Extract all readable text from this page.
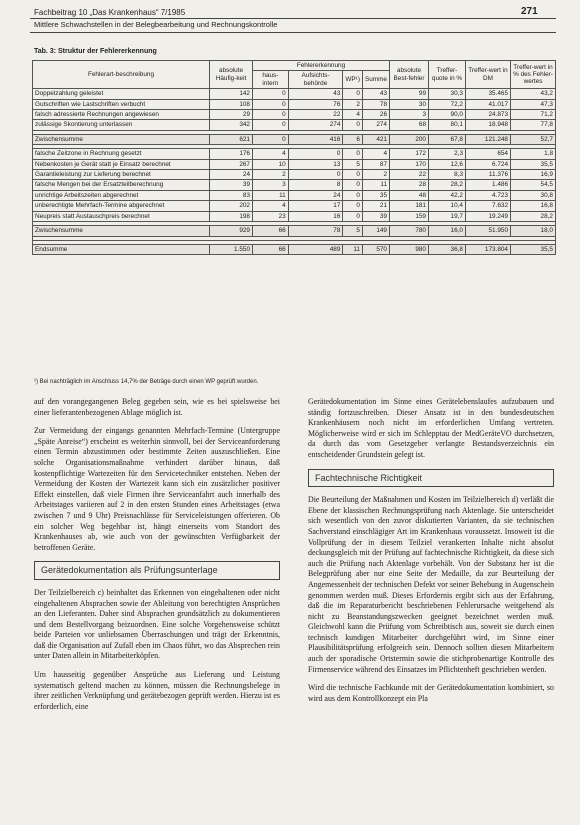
Fachbeitrag 10 „Das Krankenhaus“ 7/1985	271
Mittlere Schwachstellen in der Belegbearbeitung und Rechnungskontrolle
Tab. 3: Struktur der Fehlererkennung
Fehlerart-beschreibung	absolute Häufig-keit	Fehlererkennung				absolute Best-fehler	Treffer-quote in %	Treffer-wert in DM	Treffer-wert in % des Fehler-wertes
		haus-intern	Aufsichts-behörde	WP¹)	Summe				
Doppelzahlung geleistet	142	0	43	0	43	99	30,3	35.465	43,2
Gutschriften wie Lastschriften verbucht	108	0	76	2	78	30	72,2	41.017	47,3
falsch adressierte Rechnungen angewiesen	29	0	22	4	26	3	90,0	24.873	71,2
zulässige Skontierung unterlassen	342	0	274	0	274	68	80,1	18.948	77,8

Zwischensumme	621	0	416	6	421	200	67,8	121.248	52,7

falsche Zeitzone in Rechnung gesetzt	176	4	0	0	4	172	2,3	654	1,8
Nebenkosten je Gerät statt je Einsatz berechnet	267	10	13	5	87	170	12,6	6.724	35,5
Garantieleistung zur Lieferung berechnet	24	2	0	0	2	22	8,3	11.376	16,9
falsche Mengen bei der Ersatzteilberechnung	39	3	8	0	11	28	28,2	1.486	54,5
unrichtige Arbeitszeiten abgerechnet	83	11	24	0	35	48	42,2	4.723	30,8
unberechtigte Mehrfach-Termine abgerechnet	202	4	17	0	21	181	10,4	7.632	16,8
Neupreis statt Austauschpreis berechnet	198	23	16	0	39	159	19,7	19.249	28,2

Zwischensumme	929	66	78	5	149	780	16,0	51.950	18,0

Endsumme	1.550	66	489	11	570	980	36,8	173.804	35,5
¹) Bei nachträglich im Anschluss 14,7% der Beträge durch einen WP geprüft wurden.

auf den vorangegangenen Beleg gegeben sein, wie es bei spielsweise bei einer lieferantenbezogenen Ablage möglich ist.

Zur Vermeidung der eingangs genannten Mehrfach-Termine (Untergruppe „Späte Anreise“) erscheint es weiterhin sinnvoll, bei der Serviceanforderung einen Termin abzustimmen oder bestimmte Zeiten auszuschließen. Eine solche Organisationsmaßnahme verhindert darüber hinaus, daß kostenpflichtige Wartezeiten für den Servicetechniker entstehen. Neben der Vermeidung der Kosten der Wartezeit kann sich ein zusätzlicher positiver Effekt einstellen, daß viele Firmen ihre Serviceanfahrt auch innerhalb des Arbeitstages variieren auf 2 in den ersten Stunden eines Arbeitstages (etwa zwischen 7 und 9 Uhr) Preisnachlässe für Serviceleistungen offerieren. Ob ein solcher Weg begehbar ist, hängt einerseits vom Standort des Krankenhauses ab, wie auch von der gewünschten Verfügbarkeit der betroffenen Geräte.

Gerätedokumentation als Prüfungsunterlage

Der Teilzielbereich c) beinhaltet das Erkennen von eingehaltenen oder nicht eingehaltenen Absprachen sowie der Ableitung von berechtigten Ansprüchen an den Lieferanten. Daher sind Absprachen grundsätzlich zu dokumentieren und dem Bestellvorgang beizuordnen. Eine solche Vorgehensweise schützt beide Parteien vor unliebsamen Überraschungen und trägt der Erkenntnis, daß die Organisation auf Zufall eben im Chaos führt, wo das Absprechen rein unter Daten allein in Mitarbeiterköpfen.

Um hausseitig gegenüber Ansprüche aus Lieferung und Leistung systematisch geltend machen zu können, müssen die Rechnungsbelege in ihrer zeitlichen Verknüpfung und gerätebezogen geprüft werden. Hierzu ist es erforderlich, eine

Gerätedokumentation im Sinne eines Gerätelebenslaufes aufzubauen und ständig fortzuschreiben. Dieser Ansatz ist in den bundesdeutschen Krankenhäusern noch nicht im erforderlichen Umfang vertreten. Möglicherweise wird er sich im Schlepptau der MedGeräteVO durchsetzen, da durch das vom Gesetzgeber verlangte Bestandsverzeichnis ein entscheidender Grundstein gelegt ist.

Fachtechnische Richtigkeit

Die Beurteilung der Maßnahmen und Kosten im Teilzielbereich d) verläßt die Ebene der klassischen Rechnungsprüfung nach Aktenlage. Sie unterscheidet sich wesentlich von den zuvor diskutierten Varianten, da sie technischen Sachverstand einschlägiger Art im Krankenhaus voraussetzt. Insoweit ist die Vollprüfung der in diesem Teilziel verankerten Inhalte nicht absolut deckungsgleich mit der Prüfung auf fachtechnische Richtigkeit, da diese sich auch die Prüfung nach Aktenlage vorbehält. Von der Substanz her ist die Belegprüfung aber nur eine Seite der Medaille, da zur Beurteilung der Angemessenheit der technischen Defekt vor seiner Behebung in Augenschein genommen werden muß. Dieses Erfordernis ergibt sich aus der Erfahrung, daß die im Reparaturbericht beschriebenen Fehlerursache weitgehend als nicht zu Beanstandungszwecken geeignet bezeichnet werden muß. Gleichwohl kann die Prüfung vom Schreibtisch aus, soweit sie durch einen technisch kundigen Mitarbeiter durchgeführt wird, im Sinne einer Plausibilitätsprüfung erfolgreich sein. Dennoch sollten diesen Mitarbeitern auch der sporadische Ortstermin sowie die stichprobenartige Kontrolle des Firmenservice während des Einsatzes im Pflichtenheft geschrieben werden.

Wird die technische Fachkunde mit der Gerätedokumentation kombiniert, so wird aus dem Kontrollkonzept ein Pla
